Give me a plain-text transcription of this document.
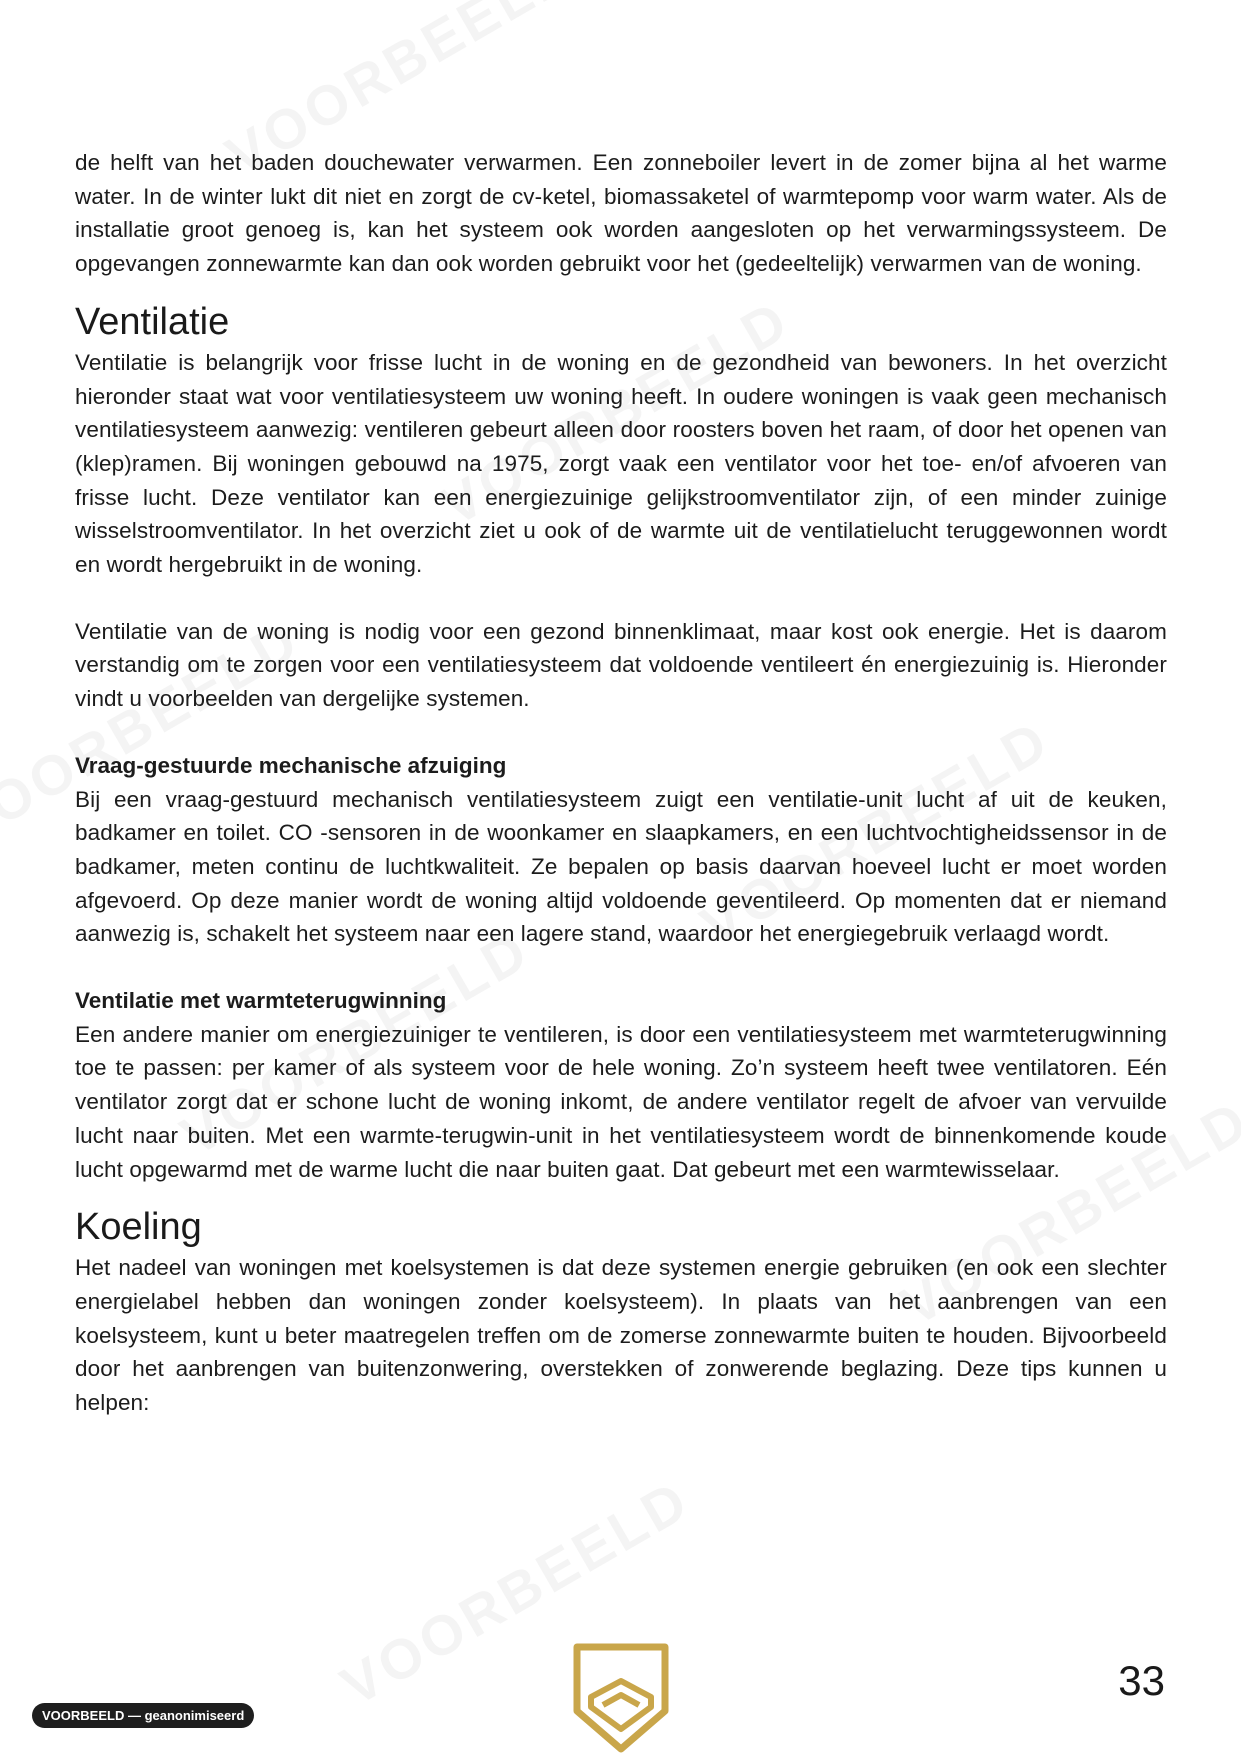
de helft van het baden douchewater verwarmen. Een zonneboiler levert in de zomer bijna al het warme water. In de winter lukt dit niet en zorgt de cv-ketel, biomassaketel of warmtepomp voor warm water. Als de installatie groot genoeg is, kan het systeem ook worden aangesloten op het verwarmingssysteem. De opgevangen zonnewarmte kan dan ook worden gebruikt voor het (gedeeltelijk) verwarmen van de woning.

Ventilatie

Ventilatie is belangrijk voor frisse lucht in de woning en de gezondheid van bewoners. In het overzicht hieronder staat wat voor ventilatiesysteem uw woning heeft. In oudere woningen is vaak geen mechanisch ventilatiesysteem aanwezig: ventileren gebeurt alleen door roosters boven het raam, of door het openen van (klep)ramen. Bij woningen gebouwd na 1975, zorgt vaak een ventilator voor het toe- en/of afvoeren van frisse lucht. Deze ventilator kan een energiezuinige gelijkstroomventilator zijn, of een minder zuinige wisselstroomventilator. In het overzicht ziet u ook of de warmte uit de ventilatielucht teruggewonnen wordt en wordt hergebruikt in de woning.

Ventilatie van de woning is nodig voor een gezond binnenklimaat, maar kost ook energie. Het is daarom verstandig om te zorgen voor een ventilatiesysteem dat voldoende ventileert én energiezuinig is. Hieronder vindt u voorbeelden van dergelijke systemen.

Vraag-gestuurde mechanische afzuiging

Bij een vraag-gestuurd mechanisch ventilatiesysteem zuigt een ventilatie-unit lucht af uit de keuken, badkamer en toilet. CO -sensoren in de woonkamer en slaapkamers, en een luchtvochtigheidssensor in de badkamer, meten continu de luchtkwaliteit. Ze bepalen op basis daarvan hoeveel lucht er moet worden afgevoerd. Op deze manier wordt de woning altijd voldoende geventileerd. Op momenten dat er niemand aanwezig is, schakelt het systeem naar een lagere stand, waardoor het energiegebruik verlaagd wordt.

Ventilatie met warmteterugwinning

Een andere manier om energiezuiniger te ventileren, is door een ventilatiesysteem met warmteterugwinning toe te passen: per kamer of als systeem voor de hele woning. Zo’n systeem heeft twee ventilatoren. Eén ventilator zorgt dat er schone lucht de woning inkomt, de andere ventilator regelt de afvoer van vervuilde lucht naar buiten. Met een warmte-terugwin-unit in het ventilatiesysteem wordt de binnenkomende koude lucht opgewarmd met de warme lucht die naar buiten gaat. Dat gebeurt met een warmtewisselaar.

Koeling

Het nadeel van woningen met koelsystemen is dat deze systemen energie gebruiken (en ook een slechter energielabel hebben dan woningen zonder koelsysteem). In plaats van het aanbrengen van een koelsysteem, kunt u beter maatregelen treffen om de zomerse zonnewarmte buiten te houden. Bijvoorbeeld door het aanbrengen van buitenzonwering, overstekken of zonwerende beglazing. Deze tips kunnen u helpen:

VOORBEELD — geanonimiseerd
33
